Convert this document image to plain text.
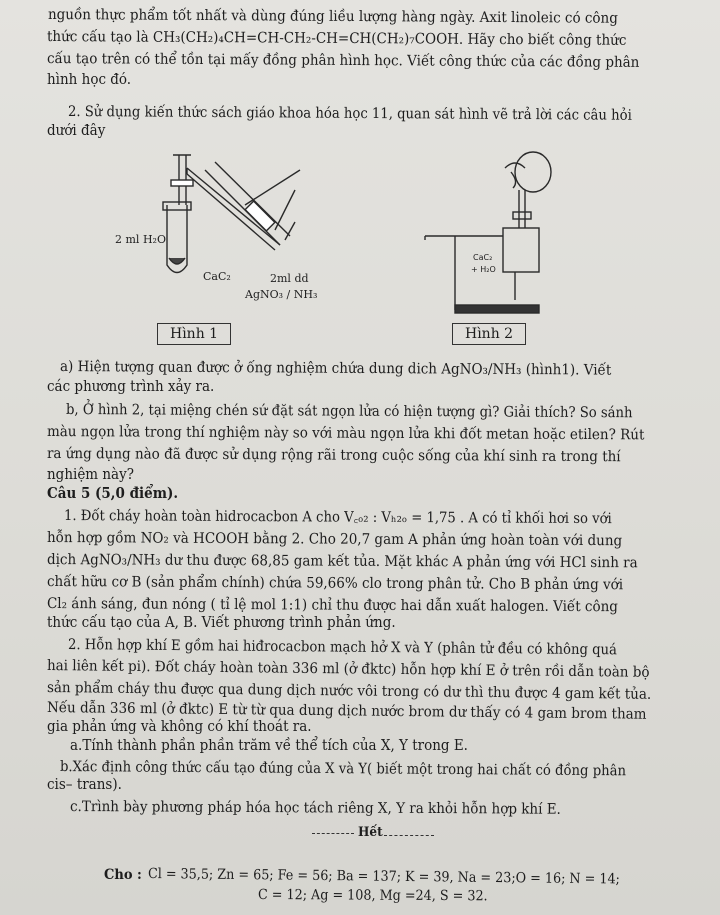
nguồn thực phẩm tốt nhất và dùng đúng liều lượng hàng ngày. Axit linoleic có công
thức cấu tạo là CH₃(CH₂)₄CH=CH-CH₂-CH=CH(CH₂)₇COOH. Hãy cho biết công thức
cấu tạo trên có thể tồn tại mấy đồng phân hình học. Viết công thức của các đồng phân
hình học đó.
2. Sử dụng kiến thức sách giáo khoa hóa học 11, quan sát hình vẽ trả lời các câu hỏi
dưới đây
2 ml H₂O
CaC₂	2ml dd
AgNO₃ / NH₃
Hình 1
CaC₂
+ H₂O
Hình 2
a) Hiện tượng quan được ở ống nghiệm chứa dung dich AgNO₃/NH₃ (hình1). Viết
các phương trình xảy ra.
b, Ở hình 2, tại miệng chén sứ đặt sát ngọn lửa có hiện tượng gì? Giải thích? So sánh
màu ngọn lửa trong thí nghiệm này so với màu ngọn lửa khi đốt metan hoặc etilen? Rút
ra ứng dụng nào đã được sử dụng rộng rãi trong cuộc sống của khí sinh ra trong thí
nghiệm này?
Câu 5 (5,0 điểm).
1. Đốt cháy hoàn toàn hidrocacbon A cho V꜀ₒ₂ : Vₕ₂ₒ = 1,75 . A có tỉ khối hơi so với
hỗn hợp gồm NO₂ và HCOOH bằng 2. Cho 20,7 gam A phản ứng hoàn toàn với dung
dịch AgNO₃/NH₃ dư thu được 68,85 gam kết tủa. Mặt khác A phản ứng với HCl sinh ra
chất hữu cơ B (sản phẩm chính) chứa 59,66% clo trong phân tử. Cho B phản ứng với
Cl₂ ánh sáng, đun nóng ( tỉ lệ mol 1:1) chỉ thu được hai dẫn xuất halogen. Viết công
thức cấu tạo của A, B. Viết phương trình phản ứng.
2. Hỗn hợp khí E gồm hai hiđrocacbon mạch hở X và Y (phân tử đều có không quá
hai liên kết pi). Đốt cháy hoàn toàn 336 ml (ở đktc) hỗn hợp khí E ở trên rồi dẫn toàn bộ
sản phẩm cháy thu được qua dung dịch nước vôi trong có dư thì thu được 4 gam kết tủa.
Nếu dẫn 336 ml (ở đktc) E từ từ qua dung dịch nước brom dư thấy có 4 gam brom tham
gia phản ứng và không có khí thoát ra.
a.Tính thành phần phần trăm về thể tích của X, Y trong E.
b.Xác định công thức cấu tạo đúng của X và Y( biết một trong hai chất có đồng phân
cis– trans).
c.Trình bày phương pháp hóa học tách riêng X, Y ra khỏi hỗn hợp khí E.
Hết
Cho : Cl = 35,5; Zn = 65; Fe = 56; Ba = 137; K = 39, Na = 23;O = 16; N = 14;
C = 12; Ag = 108, Mg =24, S = 32.
